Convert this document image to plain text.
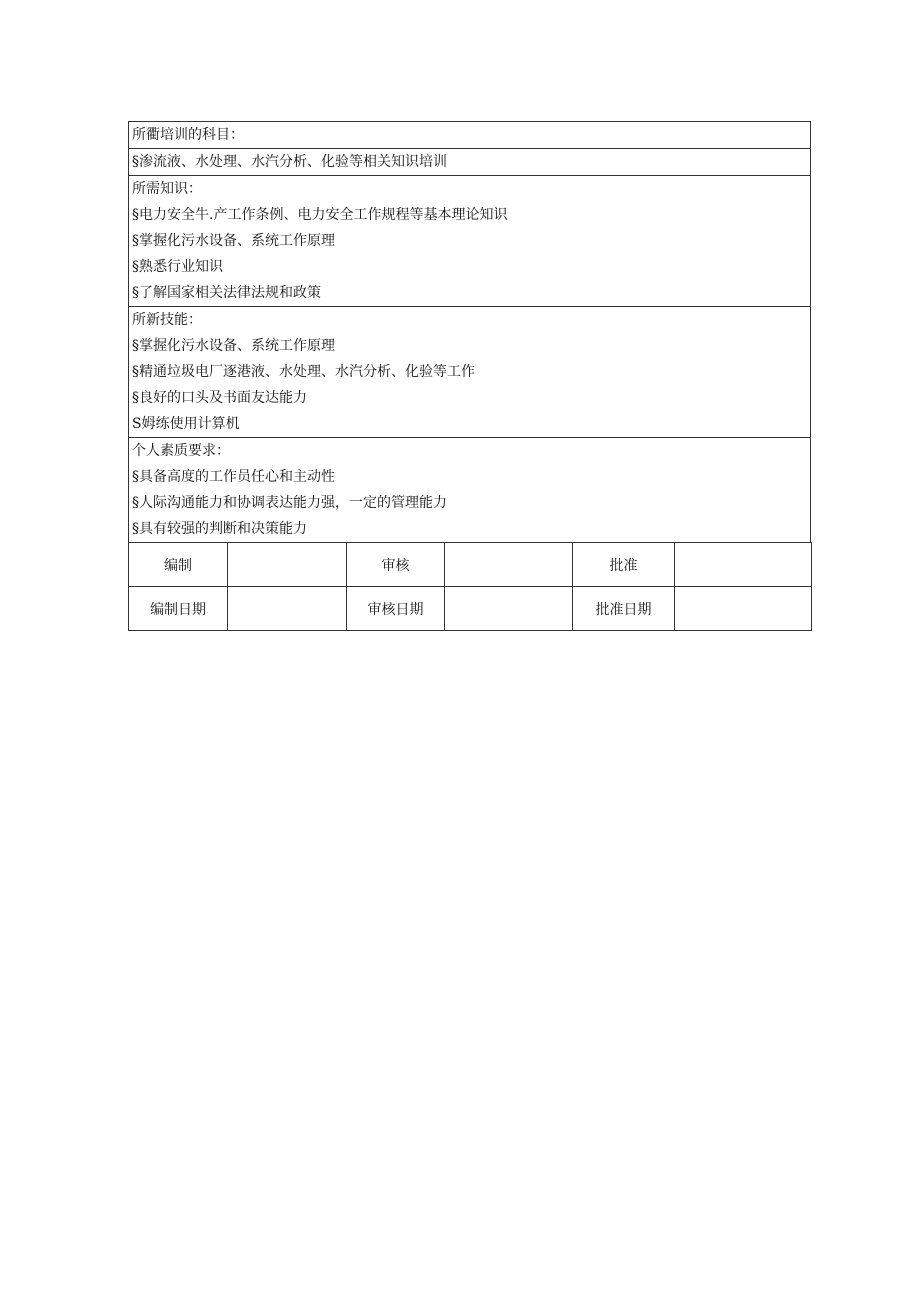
所衢培训的科目：
§渗流液、水处理、水汽分析、化验等相关知识培训
所需知识：
§电力安全牛.产工作条例、电力安全工作规程等基本理论知识
§掌握化污水设备、系统工作原理
§熟悉行业知识
§了解国家相关法律法规和政策
所新技能：
§掌握化污水设备、系统工作原理
§精通垃圾电厂逐港液、水处理、水汽分析、化验等工作
§良好的口头及书面友达能力
S姆练使用计算机
个人素质要求：
§具备高度的工作员任心和主动性
§人际沟通能力和协调表达能力强，一定的管理能力
§具有较强的判断和决策能力
编制		审核		批准	
编制日期		审核日期		批准日期	
